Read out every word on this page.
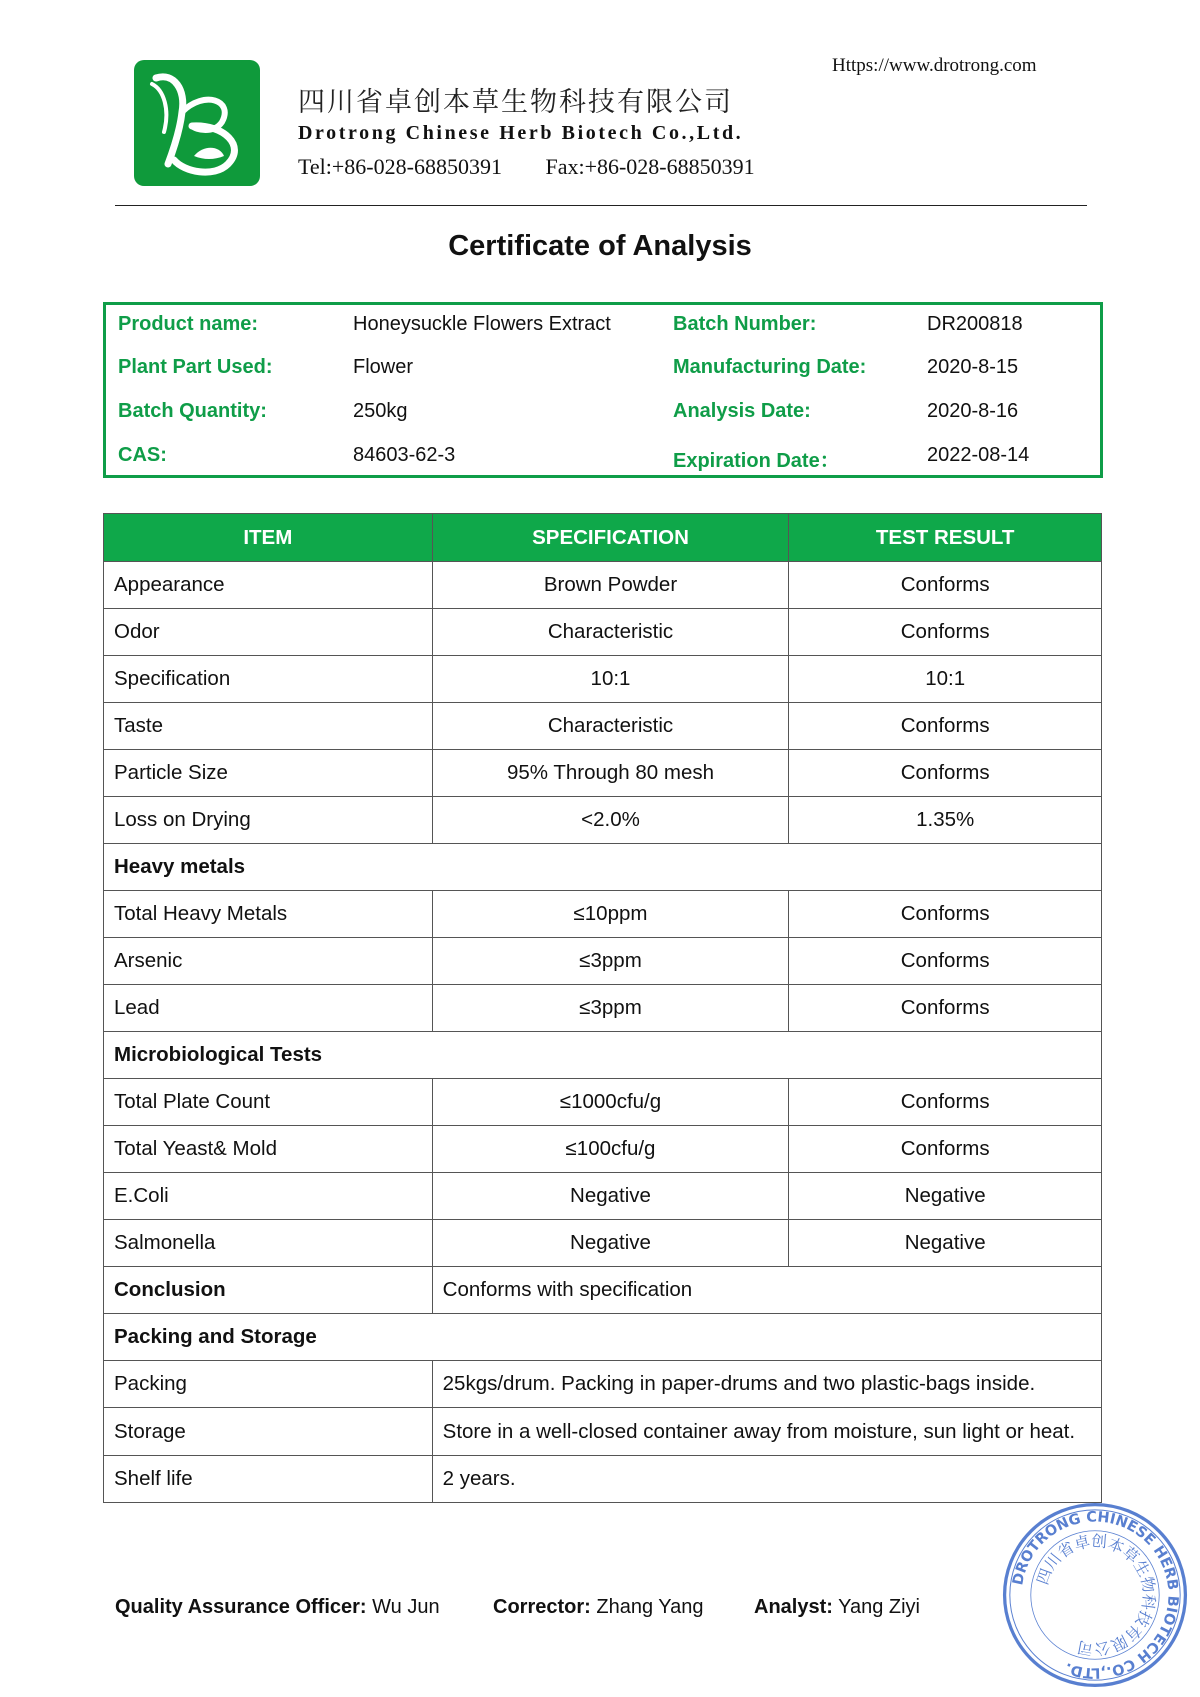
四川省卓创本草生物科技有限公司
Drotrong Chinese Herb Biotech Co.,Ltd.
Tel:+86-028-68850391 Fax:+86-028-68850391
Https://www.drotrong.com
Certificate of Analysis
Product name:	Honeysuckle Flowers Extract	Batch Number:	DR200818
Plant Part Used:	Flower	Manufacturing Date:	2020-8-15
Batch Quantity:	250kg	Analysis Date:	2020-8-16
CAS:	84603-62-3	Expiration Date：	2022-08-14
ITEM	SPECIFICATION	TEST RESULT
Appearance	Brown Powder	Conforms
Odor	Characteristic	Conforms
Specification	10:1	10:1
Taste	Characteristic	Conforms
Particle Size	95% Through 80 mesh	Conforms
Loss on Drying	<2.0%	1.35%
Heavy metals		
Total Heavy Metals	≤10ppm	Conforms
Arsenic	≤3ppm	Conforms
Lead	≤3ppm	Conforms
Microbiological Tests		
Total Plate Count	≤1000cfu/g	Conforms
Total Yeast& Mold	≤100cfu/g	Conforms
E.Coli	Negative	Negative
Salmonella	Negative	Negative
Conclusion	Conforms with specification	
Packing and Storage		
Packing	25kgs/drum. Packing in paper-drums and two plastic-bags inside.	
Storage	Store in a well-closed container away from moisture, sun light or heat.	
Shelf life	2 years.	
Quality Assurance Officer: Wu Jun	Corrector: Zhang Yang	Analyst: Yang Ziyi
DROTRONG CHINESE HERB BIOTECH CO.,LTD.
四川省卓创本草生物科技有限公司
